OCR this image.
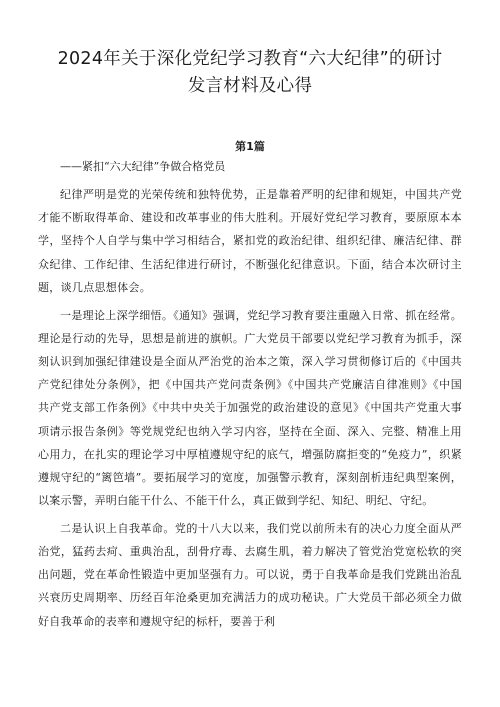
2024年关于深化党纪学习教育“六大纪律”的研讨
发言材料及心得
第1篇

——紧扣“六大纪律”争做合格党员

纪律严明是党的光荣传统和独特优势，正是靠着严明的纪律和规矩，中国共产党才能不断取得革命、建设和改革事业的伟大胜利。开展好党纪学习教育，要原原本本学，坚持个人自学与集中学习相结合，紧扣党的政治纪律、组织纪律、廉洁纪律、群众纪律、工作纪律、生活纪律进行研讨，不断强化纪律意识。下面，结合本次研讨主题，谈几点思想体会。

一是理论上深学细悟。《通知》强调，党纪学习教育要注重融入日常、抓在经常。理论是行动的先导，思想是前进的旗帜。广大党员干部要以党纪学习教育为抓手，深刻认识到加强纪律建设是全面从严治党的治本之策，深入学习贯彻修订后的《中国共产党纪律处分条例》，把《中国共产党问责条例》《中国共产党廉洁自律准则》《中国共产党支部工作条例》《中共中央关于加强党的政治建设的意见》《中国共产党重大事项请示报告条例》等党规党纪也纳入学习内容，坚持在全面、深入、完整、精准上用心用力，在扎实的理论学习中厚植遵规守纪的底气，增强防腐拒变的“免疫力”，织紧遵规守纪的“篱笆墙”。要拓展学习的宽度，加强警示教育，深刻剖析违纪典型案例，以案示警，弄明白能干什么、不能干什么，真正做到学纪、知纪、明纪、守纪。

二是认识上自我革命。党的十八大以来，我们党以前所未有的决心力度全面从严治党，猛药去疴、重典治乱，刮骨疗毒、去腐生肌，着力解决了管党治党宽松软的突出问题，党在革命性锻造中更加坚强有力。可以说，勇于自我革命是我们党跳出治乱兴衰历史周期率、历经百年沧桑更加充满活力的成功秘诀。广大党员干部必须全力做好自我革命的表率和遵规守纪的标杆，要善于利
